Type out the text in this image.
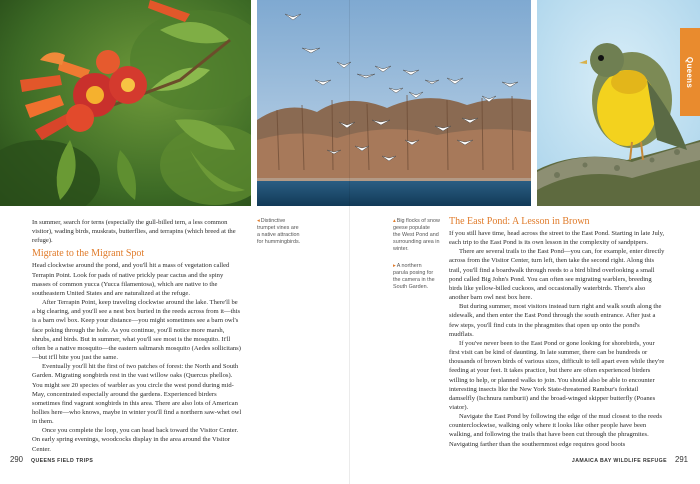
Queens
◂Distinctive
trumpet vines are
a native attraction
for hummingbirds.
▴Big flocks of snow
geese populate
the West Pond and
surrounding area in
winter.
▸A northern
parula posing for
the camera in the
South Garden.

In summer, search for terns (especially the gull-billed tern, a less common visitor), wading birds, muskrats, butterflies, and terrapins (which breed at the refuge).

Migrate to the Migrant Spot

Head clockwise around the pond, and you'll hit a mass of vegetation called Terrapin Point. Look for pads of native prickly pear cactus and the spiny masses of common yucca (Yucca filamentosa), which are native to the southeastern United States and are naturalized at the refuge.

After Terrapin Point, keep traveling clockwise around the lake. There'll be a big clearing, and you'll see a nest box buried in the reeds across from it—this is a barn owl box. Keep your distance—you might sometimes see a barn owl's face poking through the hole. As you continue, you'll notice more marsh, shrubs, and birds. But in summer, what you'll see most is the mosquito. It'll often be a native mosquito—the eastern saltmarsh mosquito (Aedes sollicitans)—but it'll bite you just the same.

Eventually you'll hit the first of two patches of forest: the North and South Garden. Migrating songbirds rest in the vast willow oaks (Quercus phellos). You might see 20 species of warbler as you circle the west pond during mid-May, concentrated especially around the gardens. Experienced birders sometimes find vagrant songbirds in this area. There are also lots of American hollies here—who knows, maybe in winter you'll find a northern saw-whet owl in them.

Once you complete the loop, you can head back toward the Visitor Center. On early spring evenings, woodcocks display in the area around the Visitor Center.

The East Pond: A Lesson in Brown

If you still have time, head across the street to the East Pond. Starting in late July, each trip to the East Pond is its own lesson in the complexity of sandpipers.

There are several trails to the East Pond—you can, for example, enter directly across from the Visitor Center, turn left, then take the second right. Along this trail, you'll find a boardwalk through reeds to a bird blind overlooking a small pond called Big John's Pond. You can often see migrating warblers, breeding birds like yellow-billed cuckoos, and occasionally waterbirds. There's also another barn owl nest box here.

But during summer, most visitors instead turn right and walk south along the sidewalk, and then enter the East Pond through the south entrance. After just a few steps, you'll find cuts in the phragmites that open up onto the pond's mudflats.

If you've never been to the East Pond or gone looking for shorebirds, your first visit can be kind of daunting. In late summer, there can be hundreds or thousands of brown birds of various sizes, difficult to tell apart even while they're feeding at your feet. It takes practice, but there are often experienced birders willing to help, or planned walks to join. You should also be able to encounter interesting insects like the New York State-threatened Rambur's forktail damselfly (Ischnura ramburii) and the broad-winged skipper butterfly (Poanes viator).

Navigate the East Pond by following the edge of the mud closest to the reeds counterclockwise, walking only where it looks like other people have been walking, and following the trails that have been cut through the phragmites. Navigating farther than the southernmost edge requires good boots

290 QUEENS FIELD TRIPS	JAMAICA BAY WILDLIFE REFUGE 291
